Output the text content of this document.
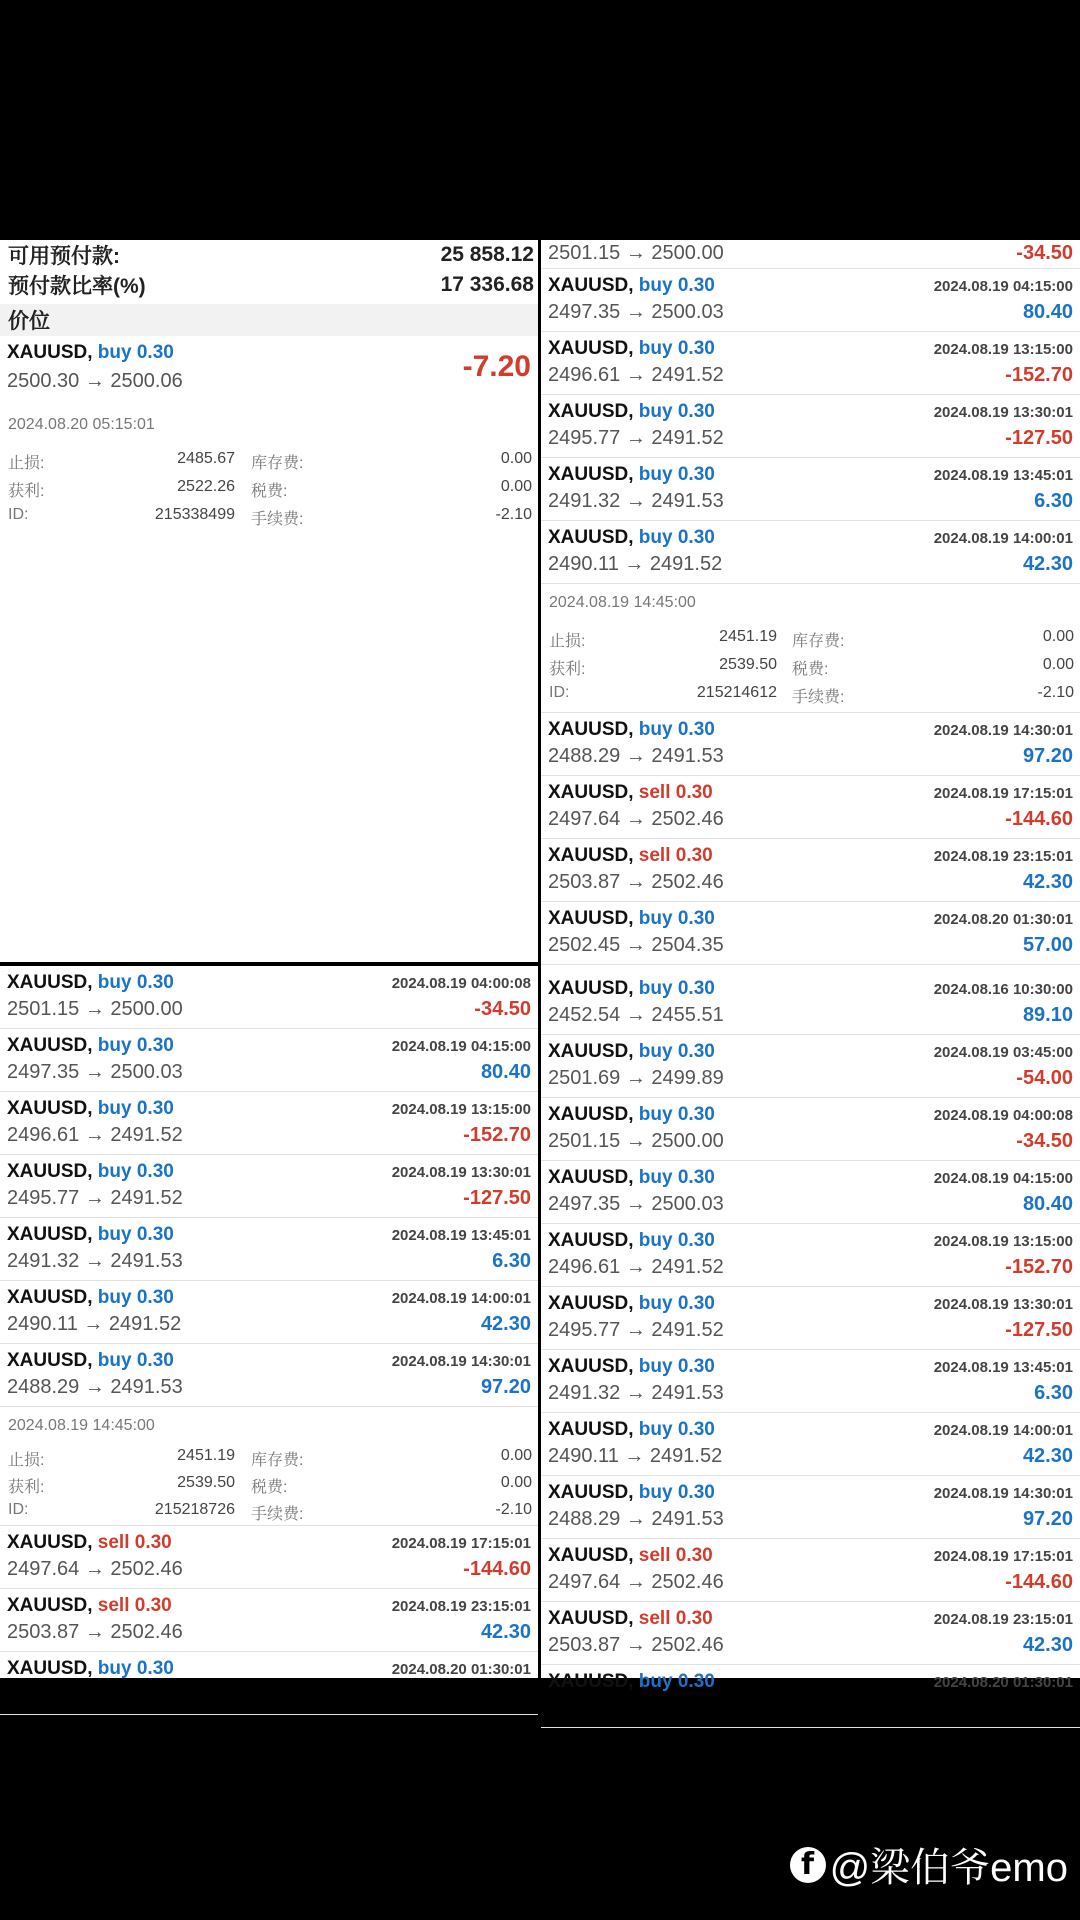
可用预付款:	25 858.12
预付款比率(%)	17 336.68
价位
XAUUSD, buy 0.30
2500.30 → 2500.06	-7.20
2024.08.20 05:15:01
止损:	2485.67 库存费:	0.00
获利:	2522.26 税费:	0.00
ID:	215338499 手续费:	-2.10
2501.15 → 2500.00	-34.50
XAUUSD, buy 0.30	2024.08.19 04:15:00
2497.35 → 2500.03	80.40
XAUUSD, buy 0.30	2024.08.19 13:15:00
2496.61 → 2491.52	-152.70
XAUUSD, buy 0.30	2024.08.19 13:30:01
2495.77 → 2491.52	-127.50
XAUUSD, buy 0.30	2024.08.19 13:45:01
2491.32 → 2491.53	6.30
XAUUSD, buy 0.30	2024.08.19 14:00:01
2490.11 → 2491.52	42.30
2024.08.19 14:45:00
止损:	2451.19 库存费:	0.00
获利:	2539.50 税费:	0.00
ID:	215214612 手续费:	-2.10
XAUUSD, buy 0.30	2024.08.19 14:30:01
2488.29 → 2491.53	97.20
XAUUSD, sell 0.30	2024.08.19 17:15:01
2497.64 → 2502.46	-144.60
XAUUSD, sell 0.30	2024.08.19 23:15:01
2503.87 → 2502.46	42.30
XAUUSD, buy 0.30	2024.08.20 01:30:01
2502.45 → 2504.35	57.00
XAUUSD, buy 0.30	2024.08.19 04:00:08
2501.15 → 2500.00	-34.50
XAUUSD, buy 0.30	2024.08.19 04:15:00
2497.35 → 2500.03	80.40
XAUUSD, buy 0.30	2024.08.19 13:15:00
2496.61 → 2491.52	-152.70
XAUUSD, buy 0.30	2024.08.19 13:30:01
2495.77 → 2491.52	-127.50
XAUUSD, buy 0.30	2024.08.19 13:45:01
2491.32 → 2491.53	6.30
XAUUSD, buy 0.30	2024.08.19 14:00:01
2490.11 → 2491.52	42.30
XAUUSD, buy 0.30	2024.08.19 14:30:01
2488.29 → 2491.53	97.20
2024.08.19 14:45:00
止损:	2451.19 库存费:	0.00
获利:	2539.50 税费:	0.00
ID:	215218726 手续费:	-2.10
XAUUSD, sell 0.30	2024.08.19 17:15:01
2497.64 → 2502.46	-144.60
XAUUSD, sell 0.30	2024.08.19 23:15:01
2503.87 → 2502.46	42.30
XAUUSD, buy 0.30	2024.08.20 01:30:01
XAUUSD, buy 0.30	2024.08.16 10:30:00
2452.54 → 2455.51	89.10
XAUUSD, buy 0.30	2024.08.19 03:45:00
2501.69 → 2499.89	-54.00
XAUUSD, buy 0.30	2024.08.19 04:00:08
2501.15 → 2500.00	-34.50
XAUUSD, buy 0.30	2024.08.19 04:15:00
2497.35 → 2500.03	80.40
XAUUSD, buy 0.30	2024.08.19 13:15:00
2496.61 → 2491.52	-152.70
XAUUSD, buy 0.30	2024.08.19 13:30:01
2495.77 → 2491.52	-127.50
XAUUSD, buy 0.30	2024.08.19 13:45:01
2491.32 → 2491.53	6.30
XAUUSD, buy 0.30	2024.08.19 14:00:01
2490.11 → 2491.52	42.30
XAUUSD, buy 0.30	2024.08.19 14:30:01
2488.29 → 2491.53	97.20
XAUUSD, sell 0.30	2024.08.19 17:15:01
2497.64 → 2502.46	-144.60
XAUUSD, sell 0.30	2024.08.19 23:15:01
2503.87 → 2502.46	42.30
XAUUSD, buy 0.30	2024.08.20 01:30:01
f @梁伯爷emo
